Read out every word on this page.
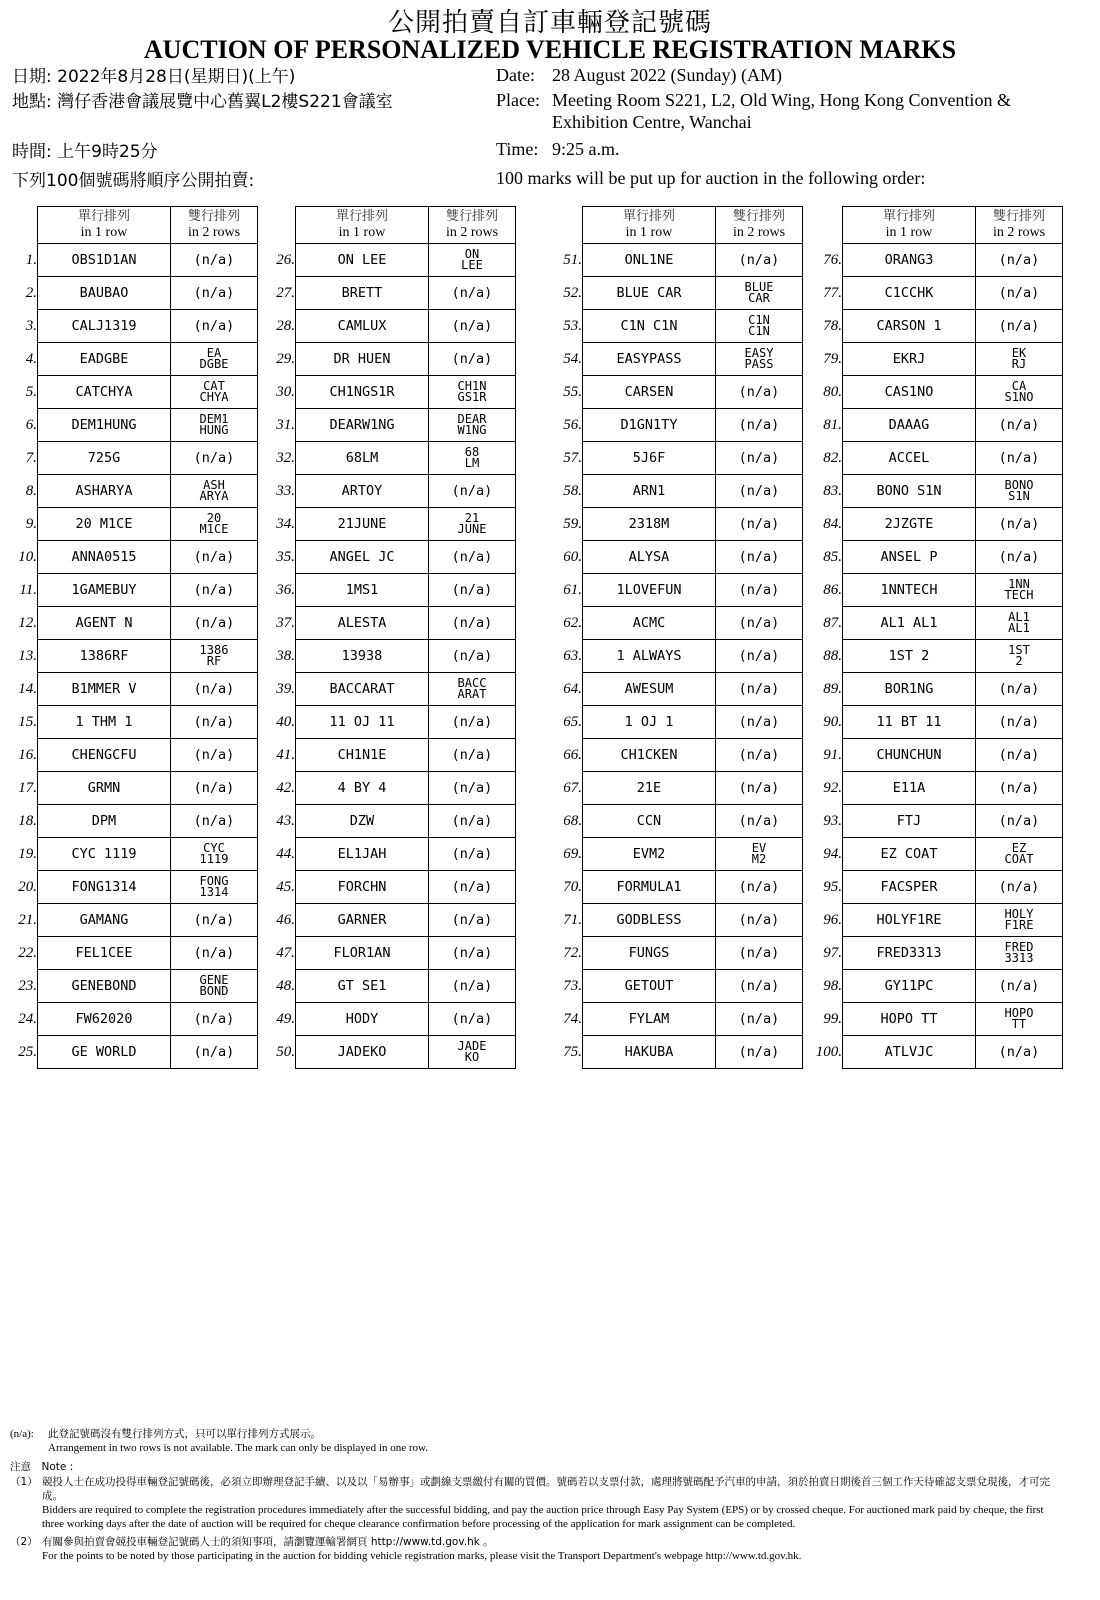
公開拍賣自訂車輛登記號碼
AUCTION OF PERSONALIZED VEHICLE REGISTRATION MARKS
日期: 2022年8月28日(星期日)(上午)
地點: 灣仔香港會議展覽中心舊翼L2樓S221會議室
時間: 上午9時25分
下列100個號碼將順序公開拍賣:
Date: 28 August 2022 (Sunday) (AM)
Place: Meeting Room S221, L2, Old Wing, Hong Kong Convention &
Exhibition Centre, Wanchai
Time: 9:25 a.m.
100 marks will be put up for auction in the following order:

	單行排列
in 1 row	雙行排列
in 2 rows

1.	OBS1D1AN	(n/a)

2.	BAUBAO	(n/a)

3.	CALJ1319	(n/a)

4.	EADGBE	EA
DGBE

5.	CATCHYA	CAT
CHYA

6.	DEM1HUNG	DEM1
HUNG

7.	725G	(n/a)

8.	ASHARYA	ASH
ARYA

9.	20 M1CE	20
M1CE

10.	ANNA0515	(n/a)

11.	1GAMEBUY	(n/a)

12.	AGENT N	(n/a)

13.	1386RF	1386
RF

14.	B1MMER V	(n/a)

15.	1 THM 1	(n/a)

16.	CHENGCFU	(n/a)

17.	GRMN	(n/a)

18.	DPM	(n/a)

19.	CYC 1119	CYC
1119

20.	FONG1314	FONG
1314

21.	GAMANG	(n/a)

22.	FEL1CEE	(n/a)

23.	GENEBOND	GENE
BOND

24.	FW62020	(n/a)

25.	GE WORLD	(n/a)

	單行排列
in 1 row	雙行排列
in 2 rows

26.	ON LEE	ON
LEE

27.	BRETT	(n/a)

28.	CAMLUX	(n/a)

29.	DR HUEN	(n/a)

30.	CH1NGS1R	CH1N
GS1R

31.	DEARW1NG	DEAR
W1NG

32.	68LM	68
LM

33.	ARTOY	(n/a)

34.	21JUNE	21
JUNE

35.	ANGEL JC	(n/a)

36.	1MS1	(n/a)

37.	ALESTA	(n/a)

38.	13938	(n/a)

39.	BACCARAT	BACC
ARAT

40.	11 OJ 11	(n/a)

41.	CH1N1E	(n/a)

42.	4 BY 4	(n/a)

43.	DZW	(n/a)

44.	EL1JAH	(n/a)

45.	FORCHN	(n/a)

46.	GARNER	(n/a)

47.	FLOR1AN	(n/a)

48.	GT SE1	(n/a)

49.	HODY	(n/a)

50.	JADEKO	JADE
KO

	單行排列
in 1 row	雙行排列
in 2 rows

51.	ONL1NE	(n/a)

52.	BLUE CAR	BLUE
CAR

53.	C1N C1N	C1N
C1N

54.	EASYPASS	EASY
PASS

55.	CARSEN	(n/a)

56.	D1GN1TY	(n/a)

57.	5J6F	(n/a)

58.	ARN1	(n/a)

59.	2318M	(n/a)

60.	ALYSA	(n/a)

61.	1LOVEFUN	(n/a)

62.	ACMC	(n/a)

63.	1 ALWAYS	(n/a)

64.	AWESUM	(n/a)

65.	1 OJ 1	(n/a)

66.	CH1CKEN	(n/a)

67.	21E	(n/a)

68.	CCN	(n/a)

69.	EVM2	EV
M2

70.	FORMULA1	(n/a)

71.	GODBLESS	(n/a)

72.	FUNGS	(n/a)

73.	GETOUT	(n/a)

74.	FYLAM	(n/a)

75.	HAKUBA	(n/a)

	單行排列
in 1 row	雙行排列
in 2 rows

76.	ORANG3	(n/a)

77.	C1CCHK	(n/a)

78.	CARSON 1	(n/a)

79.	EKRJ	EK
RJ

80.	CAS1NO	CA
S1NO

81.	DAAAG	(n/a)

82.	ACCEL	(n/a)

83.	BONO S1N	BONO
S1N

84.	2JZGTE	(n/a)

85.	ANSEL P	(n/a)

86.	1NNTECH	1NN
TECH

87.	AL1 AL1	AL1
AL1

88.	1ST 2	1ST
2

89.	BOR1NG	(n/a)

90.	11 BT 11	(n/a)

91.	CHUNCHUN	(n/a)

92.	E11A	(n/a)

93.	FTJ	(n/a)

94.	EZ COAT	EZ
COAT

95.	FACSPER	(n/a)

96.	HOLYF1RE	HOLY
F1RE

97.	FRED3313	FRED
3313

98.	GY11PC	(n/a)

99.	HOPO TT	HOPO
TT

100.	ATLVJC	(n/a)
(n/a): 此登記號碼沒有雙行排列方式，只可以單行排列方式展示。
Arrangement in two rows is not available. The mark can only be displayed in one row.
注意　Note :
（1） 競投人士在成功投得車輛登記號碼後，必須立即辦理登記手續、以及以「易辦事」或劃線支票繳付有關的買價。號碼若以支票付款，處理將號碼配予汽車的申請，須於拍賣日期後首三個工作天待確認支票兌現後，才可完成。
Bidders are required to complete the registration procedures immediately after the successful bidding, and pay the auction price through Easy Pay System (EPS) or by crossed cheque. For auctioned mark paid by cheque, the first three working days after the date of auction will be required for cheque clearance confirmation before processing of the application for mark assignment can be completed.
（2） 有關參與拍賣會競投車輛登記號碼人士的須知事項，請瀏覽運輸署網頁 http://www.td.gov.hk 。
For the points to be noted by those participating in the auction for bidding vehicle registration marks, please visit the Transport Department's webpage http://www.td.gov.hk.
